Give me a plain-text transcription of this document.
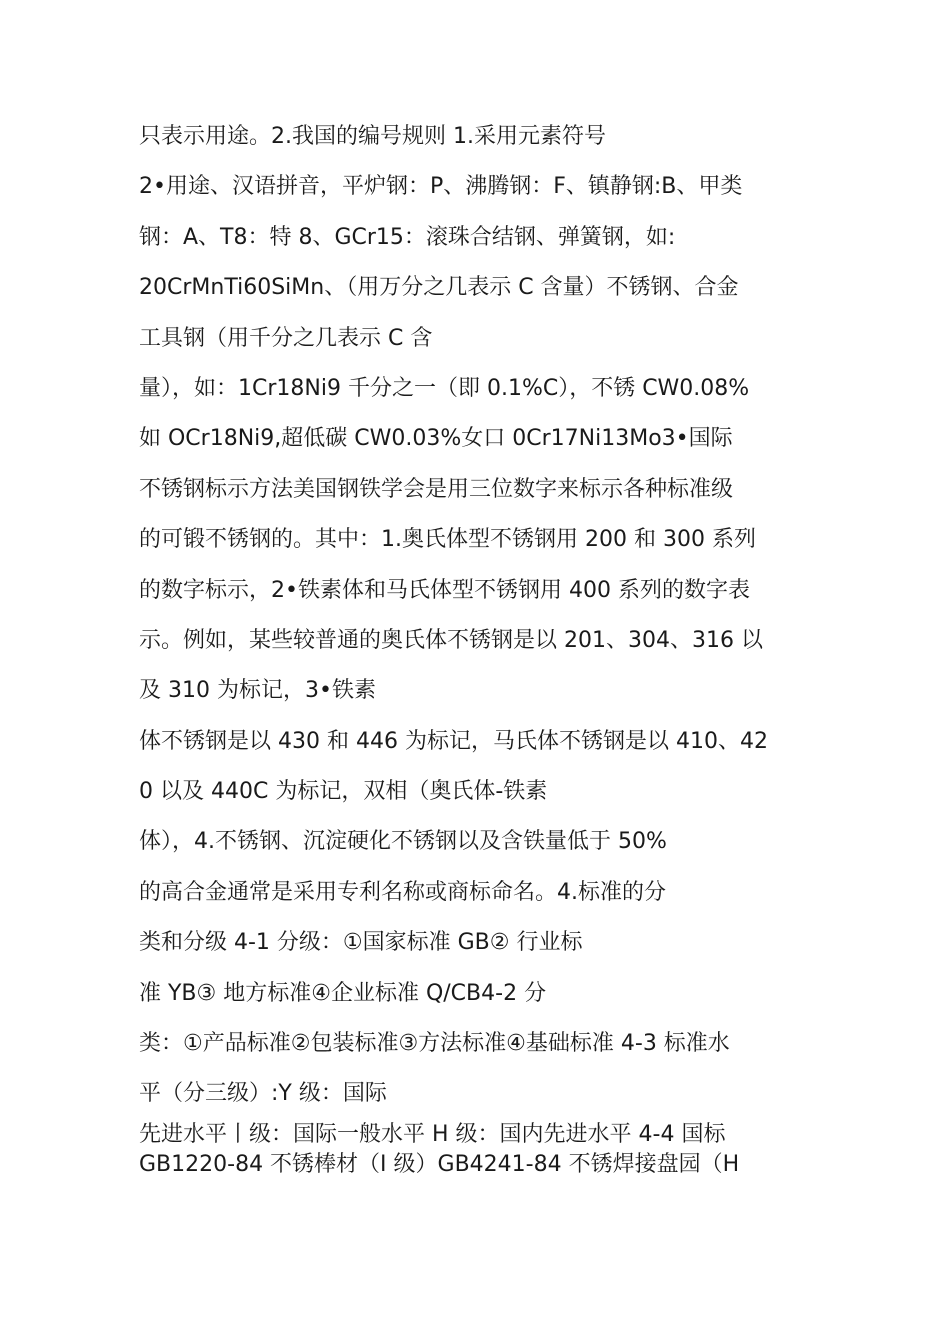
只表示用途。2.我国的编号规则 1.采用元素符号
2•用途、汉语拼音，平炉钢：P、沸腾钢：F、镇静钢:B、甲类
钢：A、T8：特 8、GCr15：滚珠合结钢、弹簧钢，如:
20CrMnTi60SiMn、（用万分之几表示 C 含量）不锈钢、合金
工具钢（用千分之几表示 C 含
量），如：1Cr18Ni9 千分之一（即 0.1%C），不锈 CW0.08%
如 OCr18Ni9,超低碳 CW0.03%女口 0Cr17Ni13Mo3•国际
不锈钢标示方法美国钢铁学会是用三位数字来标示各种标准级
的可锻不锈钢的。其中：1.奥氏体型不锈钢用 200 和 300 系列
的数字标示，2•铁素体和马氏体型不锈钢用 400 系列的数字表
示。例如，某些较普通的奥氏体不锈钢是以 201、304、316 以
及 310 为标记，3•铁素
体不锈钢是以 430 和 446 为标记，马氏体不锈钢是以 410、42
0 以及 440C 为标记，双相（奥氏体-铁素
体），4.不锈钢、沉淀硬化不锈钢以及含铁量低于 50%
的高合金通常是采用专利名称或商标命名。4.标准的分
类和分级 4-1 分级：①国家标准 GB② 行业标
准 YB③ 地方标准④企业标准 Q/CB4-2 分
类：①产品标准②包装标准③方法标准④基础标准 4-3 标准水
平（分三级）:Y 级：国际
先进水平丨级：国际一般水平 H 级：国内先进水平 4-4 国标
GB1220-84 不锈棒材（I 级）GB4241-84 不锈焊接盘园（H
